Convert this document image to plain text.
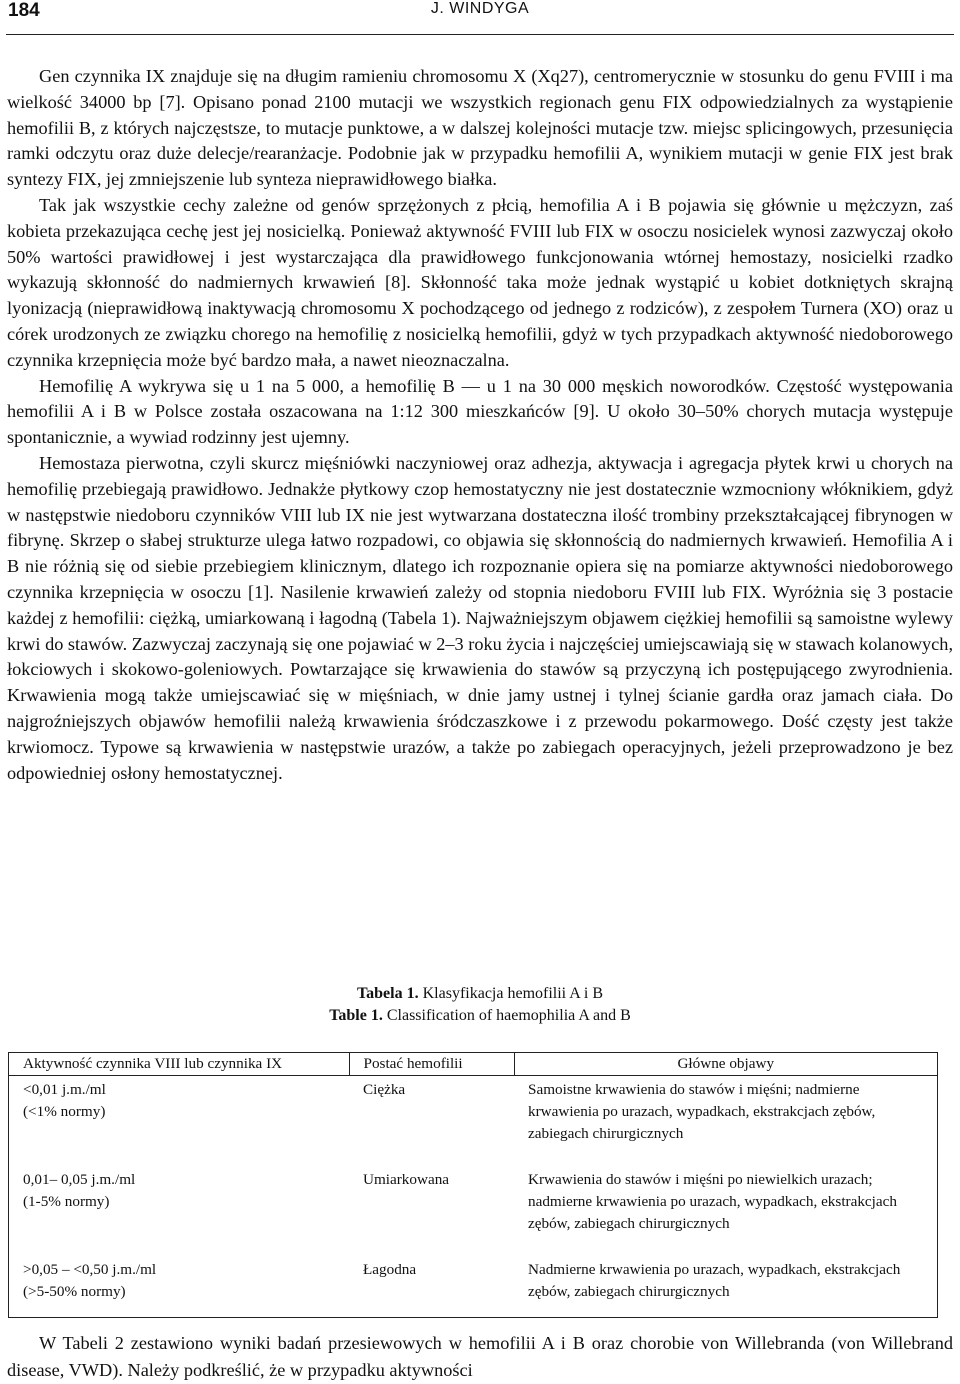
184	J. WINDYGA

Gen czynnika IX znajduje się na długim ramieniu chromosomu X (Xq27), centromerycznie w stosunku do genu FVIII i ma wielkość 34000 bp [7]. Opisano ponad 2100 mutacji we wszystkich regionach genu FIX odpowiedzialnych za wystąpienie hemofilii B, z których najczęstsze, to mutacje punktowe, a w dalszej kolejności mutacje tzw. miejsc splicingowych, przesunięcia ramki odczytu oraz duże delecje/rearanżacje. Podobnie jak w przypadku hemofilii A, wynikiem mutacji w genie FIX jest brak syntezy FIX, jej zmniejszenie lub synteza nieprawidłowego białka.

Tak jak wszystkie cechy zależne od genów sprzężonych z płcią, hemofilia A i B pojawia się głównie u mężczyzn, zaś kobieta przekazująca cechę jest jej nosicielką. Ponieważ aktywność FVIII lub FIX w osoczu nosicielek wynosi zazwyczaj około 50% wartości prawidłowej i jest wystarczająca dla prawidłowego funkcjonowania wtórnej hemostazy, nosicielki rzadko wykazują skłonność do nadmiernych krwawień [8]. Skłonność taka może jednak wystąpić u kobiet dotkniętych skrajną lyonizacją (nieprawidłową inaktywacją chromosomu X pochodzącego od jednego z rodziców), z zespołem Turnera (XO) oraz u córek urodzonych ze związku chorego na hemofilię z nosicielką hemofilii, gdyż w tych przypadkach aktywność niedoborowego czynnika krzepnięcia może być bardzo mała, a nawet nieoznaczalna.

Hemofilię A wykrywa się u 1 na 5 000, a hemofilię B — u 1 na 30 000 męskich noworodków. Częstość występowania hemofilii A i B w Polsce została oszacowana na 1:12 300 mieszkańców [9]. U około 30–50% chorych mutacja występuje spontanicznie, a wywiad rodzinny jest ujemny.

Hemostaza pierwotna, czyli skurcz mięśniówki naczyniowej oraz adhezja, aktywacja i agregacja płytek krwi u chorych na hemofilię przebiegają prawidłowo. Jednakże płytkowy czop hemostatyczny nie jest dostatecznie wzmocniony włóknikiem, gdyż w następstwie niedoboru czynników VIII lub IX nie jest wytwarzana dostateczna ilość trombiny przekształcającej fibrynogen w fibrynę. Skrzep o słabej strukturze ulega łatwo rozpadowi, co objawia się skłonnością do nadmiernych krwawień. Hemofilia A i B nie różnią się od siebie przebiegiem klinicznym, dlatego ich rozpoznanie opiera się na pomiarze aktywności niedoborowego czynnika krzepnięcia w osoczu [1]. Nasilenie krwawień zależy od stopnia niedoboru FVIII lub FIX. Wyróżnia się 3 postacie każdej z hemofilii: ciężką, umiarkowaną i łagodną (Tabela 1). Najważniejszym objawem ciężkiej hemofilii są samoistne wylewy krwi do stawów. Zazwyczaj zaczynają się one pojawiać w 2–3 roku życia i najczęściej umiejscawiają się w stawach kolanowych, łokciowych i skokowo-goleniowych. Powtarzające się krwawienia do stawów są przyczyną ich postępującego zwyrodnienia. Krwawienia mogą także umiejscawiać się w mięśniach, w dnie jamy ustnej i tylnej ścianie gardła oraz jamach ciała. Do najgroźniejszych objawów hemofilii należą krwawienia śródczaszkowe i z przewodu pokarmowego. Dość częsty jest także krwiomocz. Typowe są krwawienia w następstwie urazów, a także po zabiegach operacyjnych, jeżeli przeprowadzono je bez odpowiedniej osłony hemostatycznej.

Tabela 1. Klasyfikacja hemofilii A i B
Table 1. Classification of haemophilia A and B
Aktywność czynnika VIII lub czynnika IX	Postać hemofilii	Główne objawy

<0,01 j.m./ml
(<1% normy)	Ciężka	Samoistne krwawienia do stawów i mięśni; nadmierne krwawienia po urazach, wypadkach, ekstrakcjach zębów, zabiegach chirurgicznych

0,01– 0,05 j.m./ml
(1-5% normy)	Umiarkowana	Krwawienia do stawów i mięśni po niewielkich urazach; nadmierne krwawienia po urazach, wypadkach, ekstrakcjach zębów, zabiegach chirurgicznych

>0,05 – <0,50 j.m./ml
(>5-50% normy)	Łagodna	Nadmierne krwawienia po urazach, wypadkach, ekstrakcjach zębów, zabiegach chirurgicznych

W Tabeli 2 zestawiono wyniki badań przesiewowych w hemofilii A i B oraz chorobie von Willebranda (von Willebrand disease, VWD). Należy podkreślić, że w przypadku aktywności
